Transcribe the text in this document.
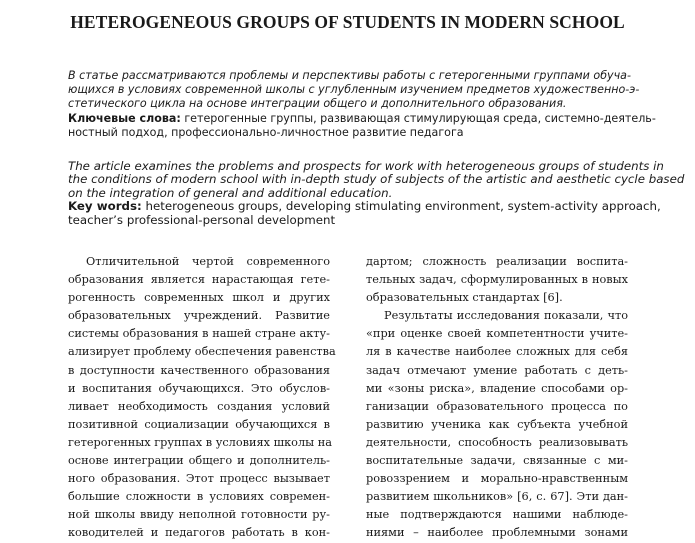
HETEROGENEOUS GROUPS OF STUDENTS IN MODERN SCHOOL
В статье рассматриваются проблемы и перспективы работы с гетерогенными группами обуча-
ющихся в условиях современной школы с углубленным изучением предметов художественно-э-
стетического цикла на основе интеграции общего и дополнительного образования.
Ключевые слова: гетерогенные группы, развивающая стимулирующая среда, системно-деятель-
ностный подход, профессионально-личностное развитие педагога
The article examines the problems and prospects for work with heterogeneous groups of students in
the conditions of modern school with in-depth study of subjects of the artistic and aesthetic cycle based
on the integration of general and additional education.
Key words: heterogeneous groups, developing stimulating environment, system-activity approach,
teacher’s professional-personal development
Отличительной чертой современного
образования является нарастающая гете-
рогенность современных школ и других
образовательных учреждений. Развитие
системы образования в нашей стране акту-
ализирует проблему обеспечения равенства
в доступности качественного образования
и воспитания обучающихся. Это обуслов-
ливает необходимость создания условий
позитивной социализации обучающихся в
гетерогенных группах в условиях школы на
основе интеграции общего и дополнитель-
ного образования. Этот процесс вызывает
большие сложности в условиях современ-
ной школы ввиду неполной готовности ру-
ководителей и педагогов работать в кон-
дартом; сложность реализации воспита-
тельных задач, сформулированных в новых
образовательных стандартах [6].
Результаты исследования показали, что
«при оценке своей компетентности учите-
ля в качестве наиболее сложных для себя
задач отмечают умение работать с деть-
ми «зоны риска», владение способами ор-
ганизации образовательного процесса по
развитию ученика как субъекта учебной
деятельности, способность реализовывать
воспитательные задачи, связанные с ми-
ровоззрением и морально-нравственным
развитием школьников» [6, с. 67]. Эти дан-
ные подтверждаются нашими наблюде-
ниями – наиболее проблемными зонами
